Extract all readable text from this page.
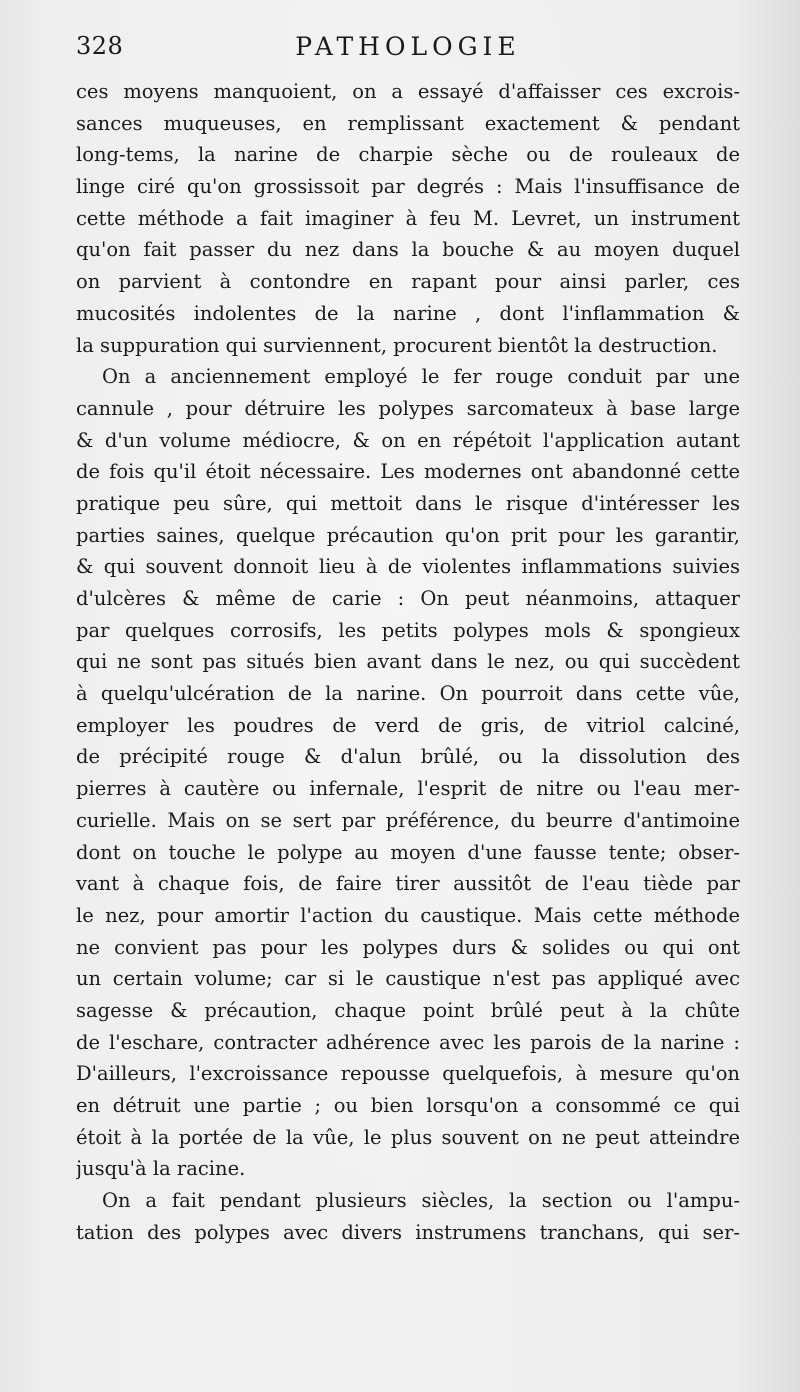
328	PATHOLOGIE
ces moyens manquoient, on a essayé d'affaisser ces excrois-
sances muqueuses, en remplissant exactement & pendant
long-tems, la narine de charpie sèche ou de rouleaux de
linge ciré qu'on grossissoit par degrés : Mais l'insuffisance de
cette méthode a fait imaginer à feu M. Levret, un instrument
qu'on fait passer du nez dans la bouche & au moyen duquel
on parvient à contondre en rapant pour ainsi parler, ces
mucosités indolentes de la narine , dont l'inflammation &
la suppuration qui surviennent, procurent bientôt la destruction.
On a anciennement employé le fer rouge conduit par une
cannule , pour détruire les polypes sarcomateux à base large
& d'un volume médiocre, & on en répétoit l'application autant
de fois qu'il étoit nécessaire. Les modernes ont abandonné cette
pratique peu sûre, qui mettoit dans le risque d'intéresser les
parties saines, quelque précaution qu'on prit pour les garantir,
& qui souvent donnoit lieu à de violentes inflammations suivies
d'ulcères & même de carie : On peut néanmoins, attaquer
par quelques corrosifs, les petits polypes mols & spongieux
qui ne sont pas situés bien avant dans le nez, ou qui succèdent
à quelqu'ulcération de la narine. On pourroit dans cette vûe,
employer les poudres de verd de gris, de vitriol calciné,
de précipité rouge & d'alun brûlé, ou la dissolution des
pierres à cautère ou infernale, l'esprit de nitre ou l'eau mer-
curielle. Mais on se sert par préférence, du beurre d'antimoine
dont on touche le polype au moyen d'une fausse tente; obser-
vant à chaque fois, de faire tirer aussitôt de l'eau tiède par
le nez, pour amortir l'action du caustique. Mais cette méthode
ne convient pas pour les polypes durs & solides ou qui ont
un certain volume; car si le caustique n'est pas appliqué avec
sagesse & précaution, chaque point brûlé peut à la chûte
de l'eschare, contracter adhérence avec les parois de la narine :
D'ailleurs, l'excroissance repousse quelquefois, à mesure qu'on
en détruit une partie ; ou bien lorsqu'on a consommé ce qui
étoit à la portée de la vûe, le plus souvent on ne peut atteindre
jusqu'à la racine.
On a fait pendant plusieurs siècles, la section ou l'ampu-
tation des polypes avec divers instrumens tranchans, qui ser-
